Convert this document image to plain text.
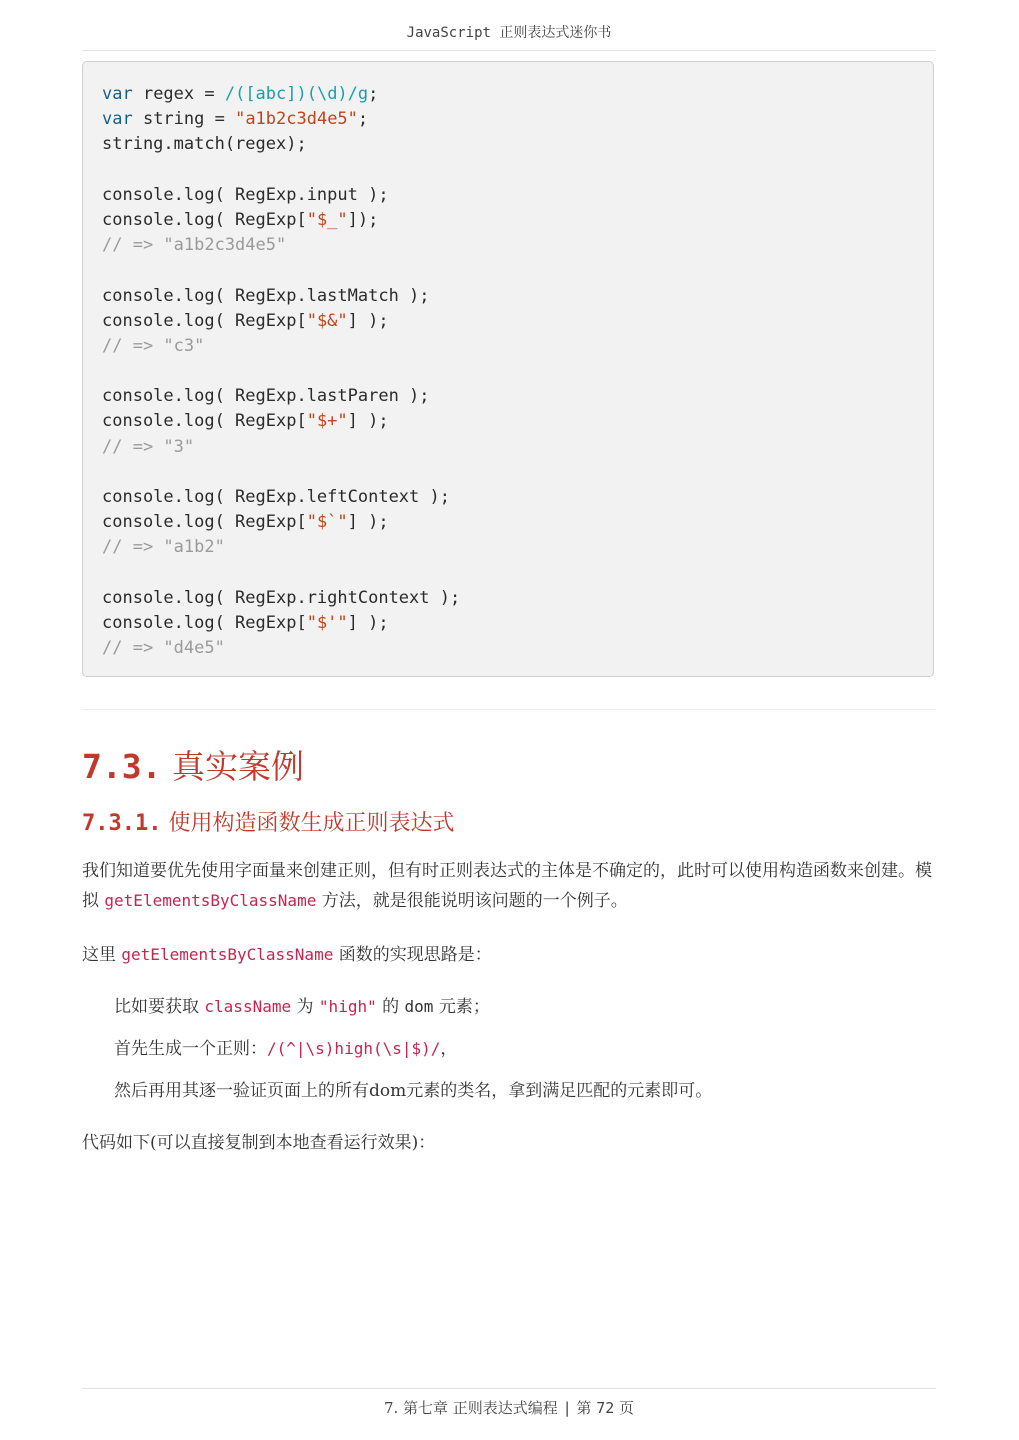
JavaScript 正则表达式迷你书
var regex = /([abc])(\d)/g;
var string = "a1b2c3d4e5";
string.match(regex);

console.log( RegExp.input );
console.log( RegExp["$_"]);
// => "a1b2c3d4e5"

console.log( RegExp.lastMatch );
console.log( RegExp["$&"] );
// => "c3"

console.log( RegExp.lastParen );
console.log( RegExp["$+"] );
// => "3"

console.log( RegExp.leftContext );
console.log( RegExp["$`"] );
// => "a1b2"

console.log( RegExp.rightContext );
console.log( RegExp["$'"] );
// => "d4e5"
7.3. 真实案例
7.3.1. 使用构造函数生成正则表达式

我们知道要优先使用字面量来创建正则，但有时正则表达式的主体是不确定的，此时可以使用构造函数来创建。模拟 getElementsByClassName 方法，就是很能说明该问题的一个例子。

这里 getElementsByClassName 函数的实现思路是：

比如要获取 className 为 "high" 的 dom 元素；

首先生成一个正则：/(^|\s)high(\s|$)/，

然后再用其逐一验证页面上的所有dom元素的类名，拿到满足匹配的元素即可。

代码如下(可以直接复制到本地查看运行效果)：

7. 第七章 正则表达式编程 | 第 72 页
